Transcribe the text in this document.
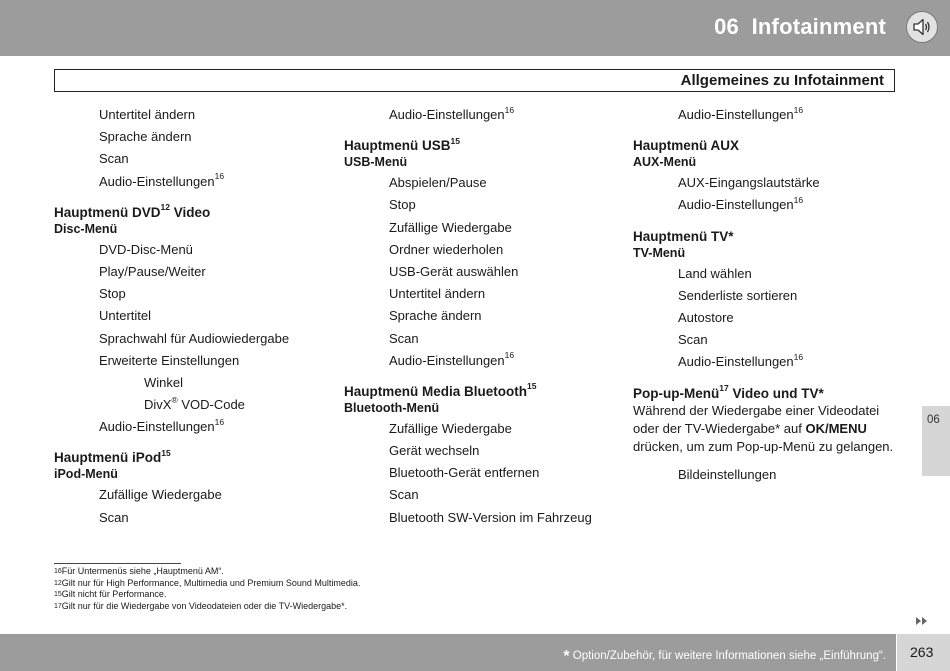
06 Infotainment
Allgemeines zu Infotainment
Untertitel ändern
Sprache ändern
Scan
Audio-Einstellungen$^{16}$
Hauptmenü DVD$^{12}$ Video
Disc-Menü
DVD-Disc-Menü
Play/Pause/Weiter
Stop
Untertitel
Sprachwahl für Audiowiedergabe
Erweiterte Einstellungen
Winkel
DivX® VOD-Code
Audio-Einstellungen$^{16}$
Hauptmenü iPod$^{15}$
iPod-Menü
Zufällige Wiedergabe
Scan
Audio-Einstellungen$^{16}$
Hauptmenü USB$^{15}$
USB-Menü
Abspielen/Pause
Stop
Zufällige Wiedergabe
Ordner wiederholen
USB-Gerät auswählen
Untertitel ändern
Sprache ändern
Scan
Audio-Einstellungen$^{16}$
Hauptmenü Media Bluetooth$^{15}$
Bluetooth-Menü
Zufällige Wiedergabe
Gerät wechseln
Bluetooth-Gerät entfernen
Scan
Bluetooth SW-Version im Fahrzeug
Audio-Einstellungen$^{16}$
Hauptmenü AUX
AUX-Menü
AUX-Eingangslautstärke
Audio-Einstellungen$^{16}$
Hauptmenü TV*
TV-Menü
Land wählen
Senderliste sortieren
Autostore
Scan
Audio-Einstellungen$^{16}$
Pop-up-Menü$^{17}$ Video und TV*
Während der Wiedergabe einer Videodatei oder der TV-Wiedergabe* auf OK/MENU drücken, um zum Pop-up-Menü zu gelangen.
Bildeinstellungen
$^{16}$Für Untermenüs siehe „Hauptmenü AM“.
$^{12}$Gilt nur für High Performance, Multimedia und Premium Sound Multimedia.
$^{15}$Gilt nicht für Performance.
$^{17}$Gilt nur für die Wiedergabe von Videodateien oder die TV-Wiedergabe*.
06
* Option/Zubehör, für weitere Informationen siehe „Einführung“. 263
